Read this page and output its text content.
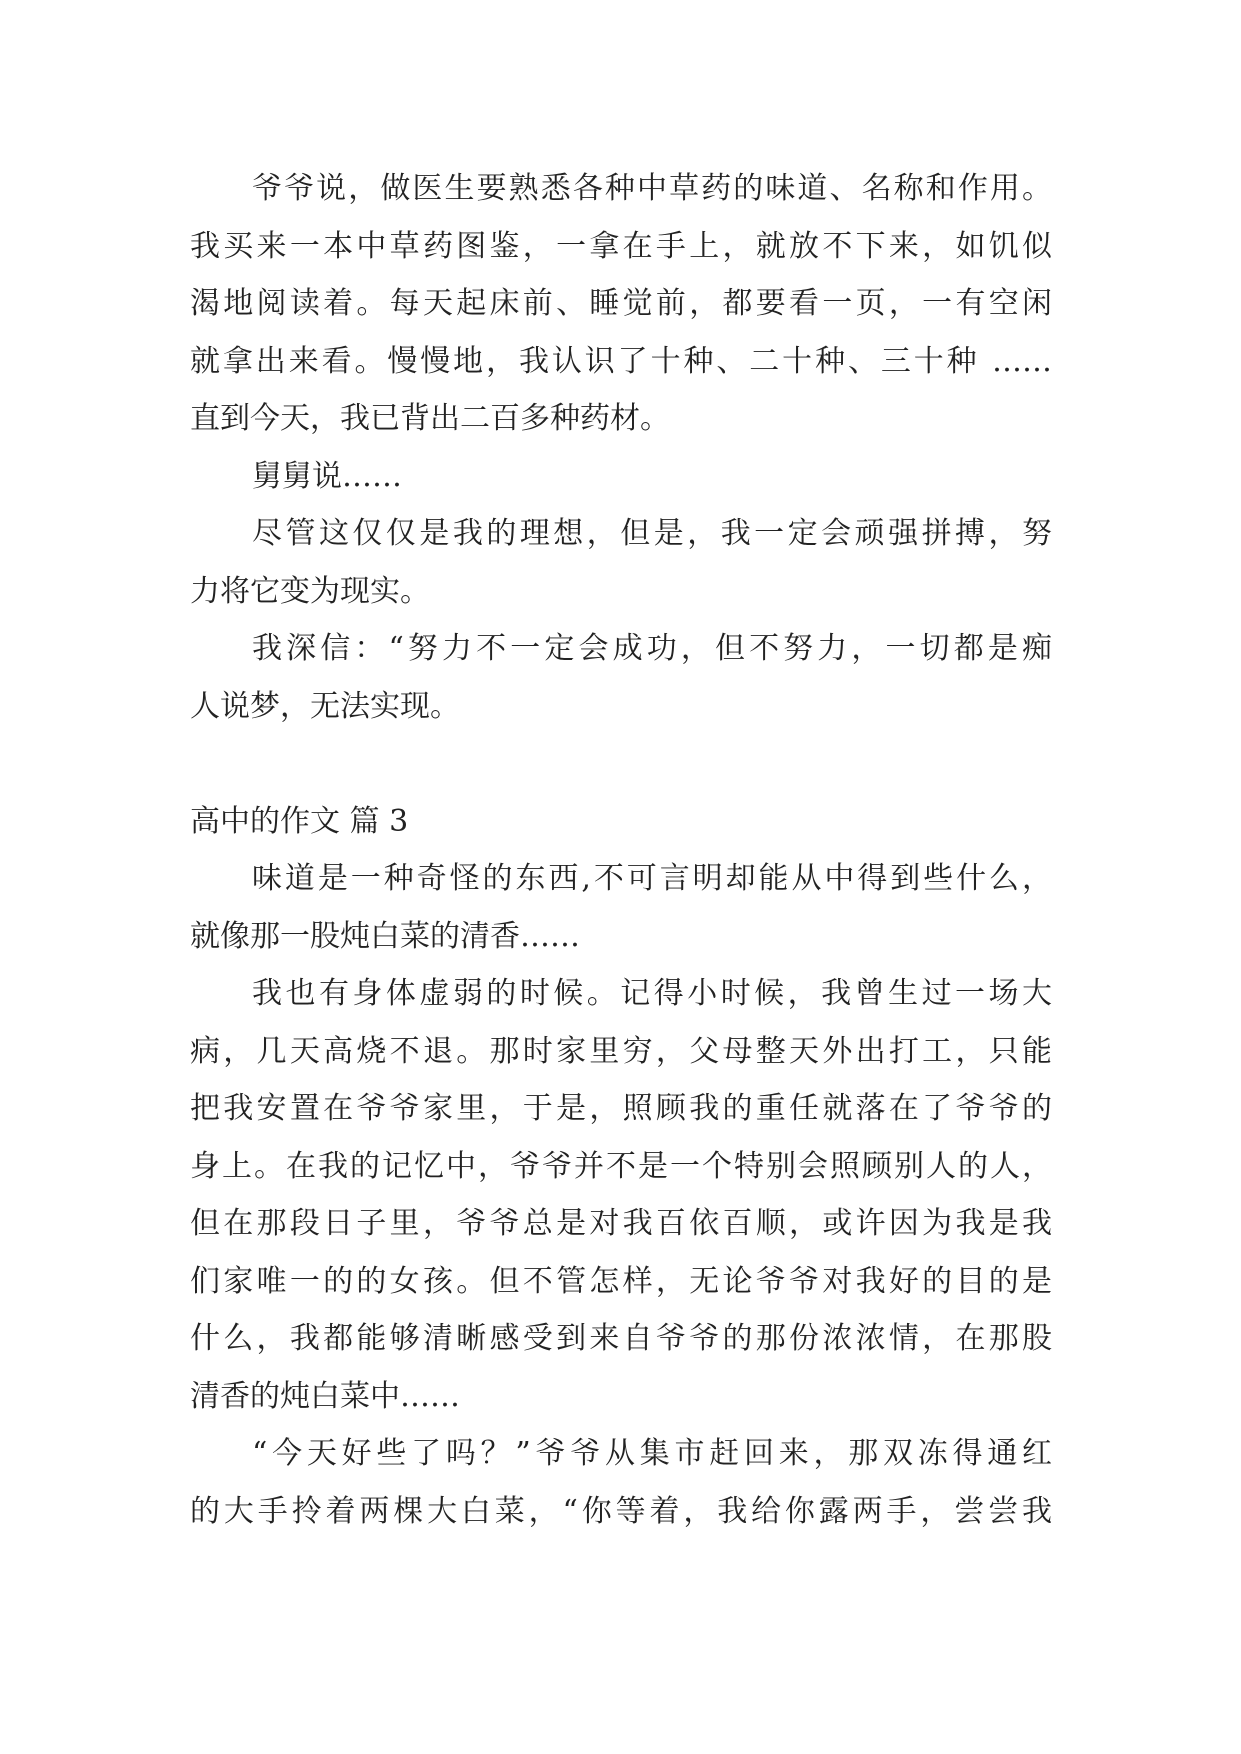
爷爷说，做医生要熟悉各种中草药的味道、名称和作用。
我买来一本中草药图鉴，一拿在手上，就放不下来，如饥似
渴地阅读着。每天起床前、睡觉前，都要看一页，一有空闲
就拿出来看。慢慢地，我认识了十种、二十种、三十种 ……
直到今天，我已背出二百多种药材。
舅舅说……
尽管这仅仅是我的理想，但是，我一定会顽强拼搏，努
力将它变为现实。
我深信：“努力不一定会成功，但不努力，一切都是痴
人说梦，无法实现。
高中的作文 篇 3
味道是一种奇怪的东西,不可言明却能从中得到些什么，
就像那一股炖白菜的清香……
我也有身体虚弱的时候。记得小时候，我曾生过一场大
病，几天高烧不退。那时家里穷，父母整天外出打工，只能
把我安置在爷爷家里，于是，照顾我的重任就落在了爷爷的
身上。在我的记忆中，爷爷并不是一个特别会照顾别人的人，
但在那段日子里，爷爷总是对我百依百顺，或许因为我是我
们家唯一的的女孩。但不管怎样，无论爷爷对我好的目的是
什么，我都能够清晰感受到来自爷爷的那份浓浓情，在那股
清香的炖白菜中……
“今天好些了吗？”爷爷从集市赶回来，那双冻得通红
的大手拎着两棵大白菜，“你等着，我给你露两手，尝尝我
